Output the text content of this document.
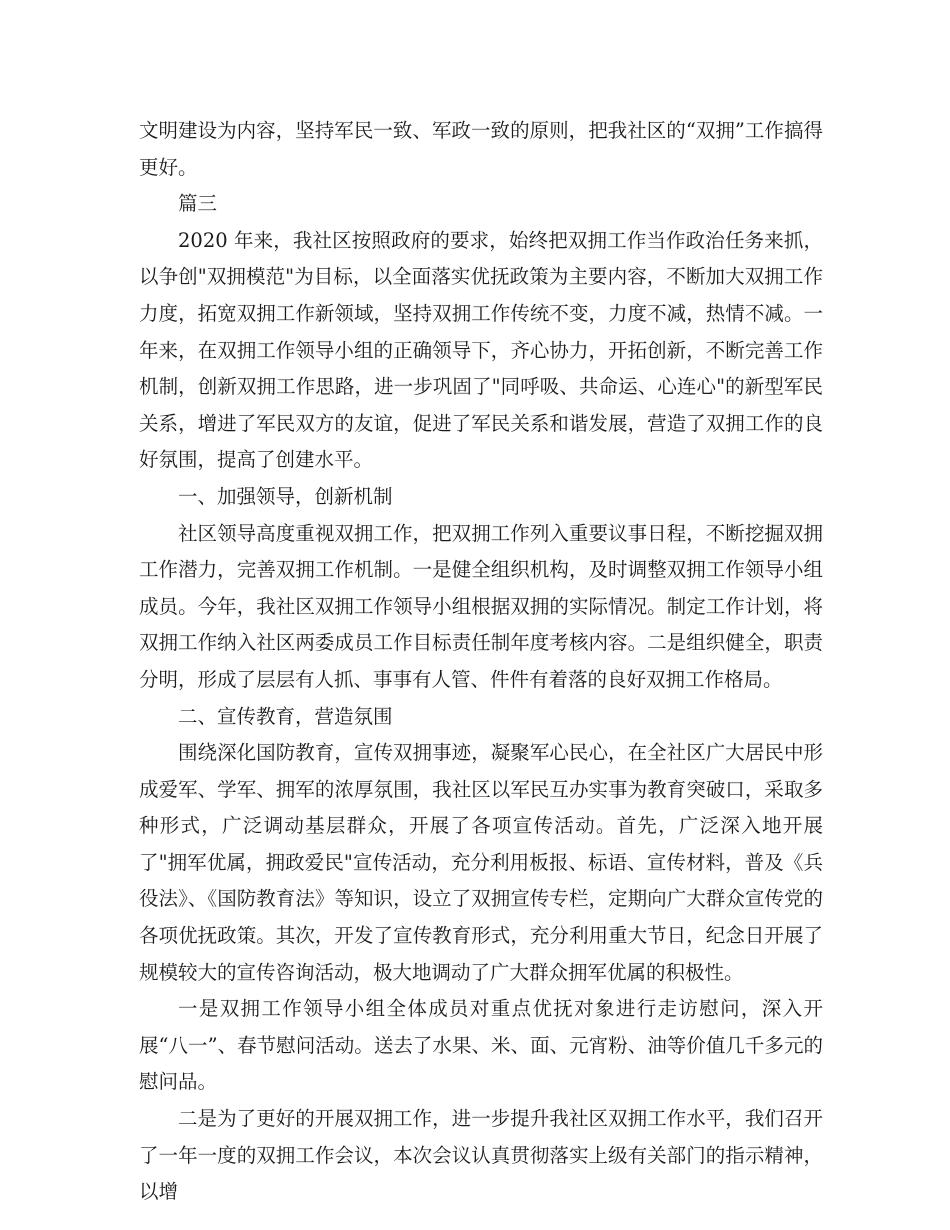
文明建设为内容，坚持军民一致、军政一致的原则，把我社区的“双拥”工作搞得更好。

篇三

2020 年来，我社区按照政府的要求，始终把双拥工作当作政治任务来抓，以争创"双拥模范"为目标，以全面落实优抚政策为主要内容，不断加大双拥工作力度，拓宽双拥工作新领域，坚持双拥工作传统不变，力度不减，热情不减。一年来，在双拥工作领导小组的正确领导下，齐心协力，开拓创新，不断完善工作机制，创新双拥工作思路，进一步巩固了"同呼吸、共命运、心连心"的新型军民关系，增进了军民双方的友谊，促进了军民关系和谐发展，营造了双拥工作的良好氛围，提高了创建水平。

一、加强领导，创新机制

社区领导高度重视双拥工作，把双拥工作列入重要议事日程，不断挖掘双拥工作潜力，完善双拥工作机制。一是健全组织机构，及时调整双拥工作领导小组成员。今年，我社区双拥工作领导小组根据双拥的实际情况。制定工作计划，将双拥工作纳入社区两委成员工作目标责任制年度考核内容。二是组织健全，职责分明，形成了层层有人抓、事事有人管、件件有着落的良好双拥工作格局。

二、宣传教育，营造氛围

围绕深化国防教育，宣传双拥事迹，凝聚军心民心，在全社区广大居民中形成爱军、学军、拥军的浓厚氛围，我社区以军民互办实事为教育突破口，采取多种形式，广泛调动基层群众，开展了各项宣传活动。首先，广泛深入地开展了"拥军优属，拥政爱民"宣传活动，充分利用板报、标语、宣传材料，普及《兵役法》、《国防教育法》等知识，设立了双拥宣传专栏，定期向广大群众宣传党的各项优抚政策。其次，开发了宣传教育形式，充分利用重大节日，纪念日开展了规模较大的宣传咨询活动，极大地调动了广大群众拥军优属的积极性。

一是双拥工作领导小组全体成员对重点优抚对象进行走访慰问，深入开展“八一”、春节慰问活动。送去了水果、米、面、元宵粉、油等价值几千多元的慰问品。

二是为了更好的开展双拥工作，进一步提升我社区双拥工作水平，我们召开了一年一度的双拥工作会议，本次会议认真贯彻落实上级有关部门的指示精神，以增
